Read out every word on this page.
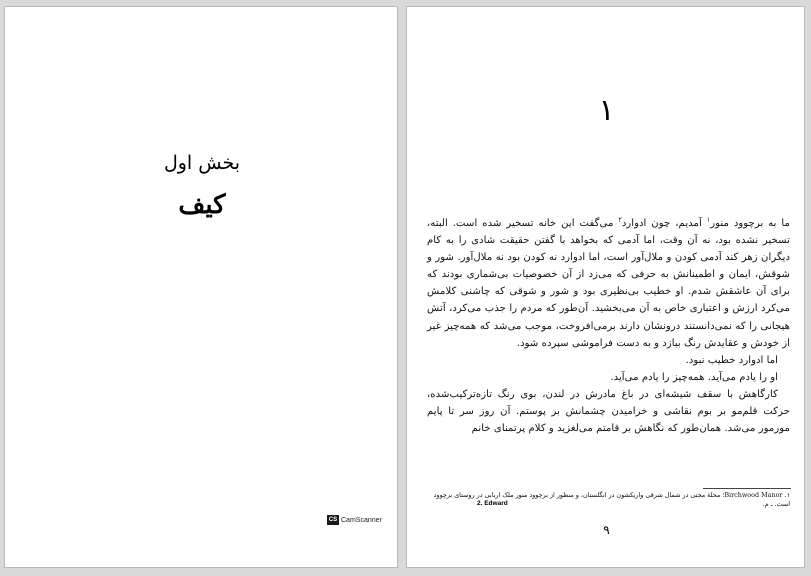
بخش اول
کیف
CS CamScanner
۱

ما به برچوود منور$^۱$ آمدیم، چون ادوارد$^۲$ می‌گفت این خانه تسخیر شده است. البته، تسخیر نشده بود، نه آن وقت، اما آدمی که بخواهد با گفتن حقیقت شادی را به کام دیگران زهر کند آدمی کودن و ملال‌آور است، اما ادوارد نه کودن بود نه ملال‌آور. شور و شوقش، ایمان و اطمینانش به حرفی که می‌زد از آن خصوصیات بی‌شماری بودند که برای آن عاشقش شدم. او خطیب بی‌نظیری بود و شور و شوقی که چاشنی کلامش می‌کرد ارزش و اعتباری خاص به آن می‌بخشید. آن‌طور که مردم را جذب می‌کرد، آتش هیجانی را که نمی‌دانستند درونشان دارند برمی‌افروخت، موجب می‌شد که همه‌چیز غیر از خودش و عقایدش رنگ ببازد و به دست فراموشی سپرده شود.

اما ادوارد خطیب نبود.

او را یادم می‌آید. همه‌چیز را یادم می‌آید.

کارگاهش با سقف شیشه‌ای در باغ مادرش در لندن، بوی رنگ تازه‌ترکیب‌شده، حرکت قلم‌مو بر بوم نقاشی و خرامیدن چشمانش بر پوستم. آن روز سر تا پایم مورمور می‌شد. همان‌طور که نگاهش بر قامتم می‌لغزید و کلام پرتمنای خانم

۱. Birchwood Manor؛ محلهٔ مجتی در شمال شرقی واریکشون در انگلستان، و منظور از برچوود منور ملک اربابی در روستای برچوود است. ـ م.
2. Edward
۹
